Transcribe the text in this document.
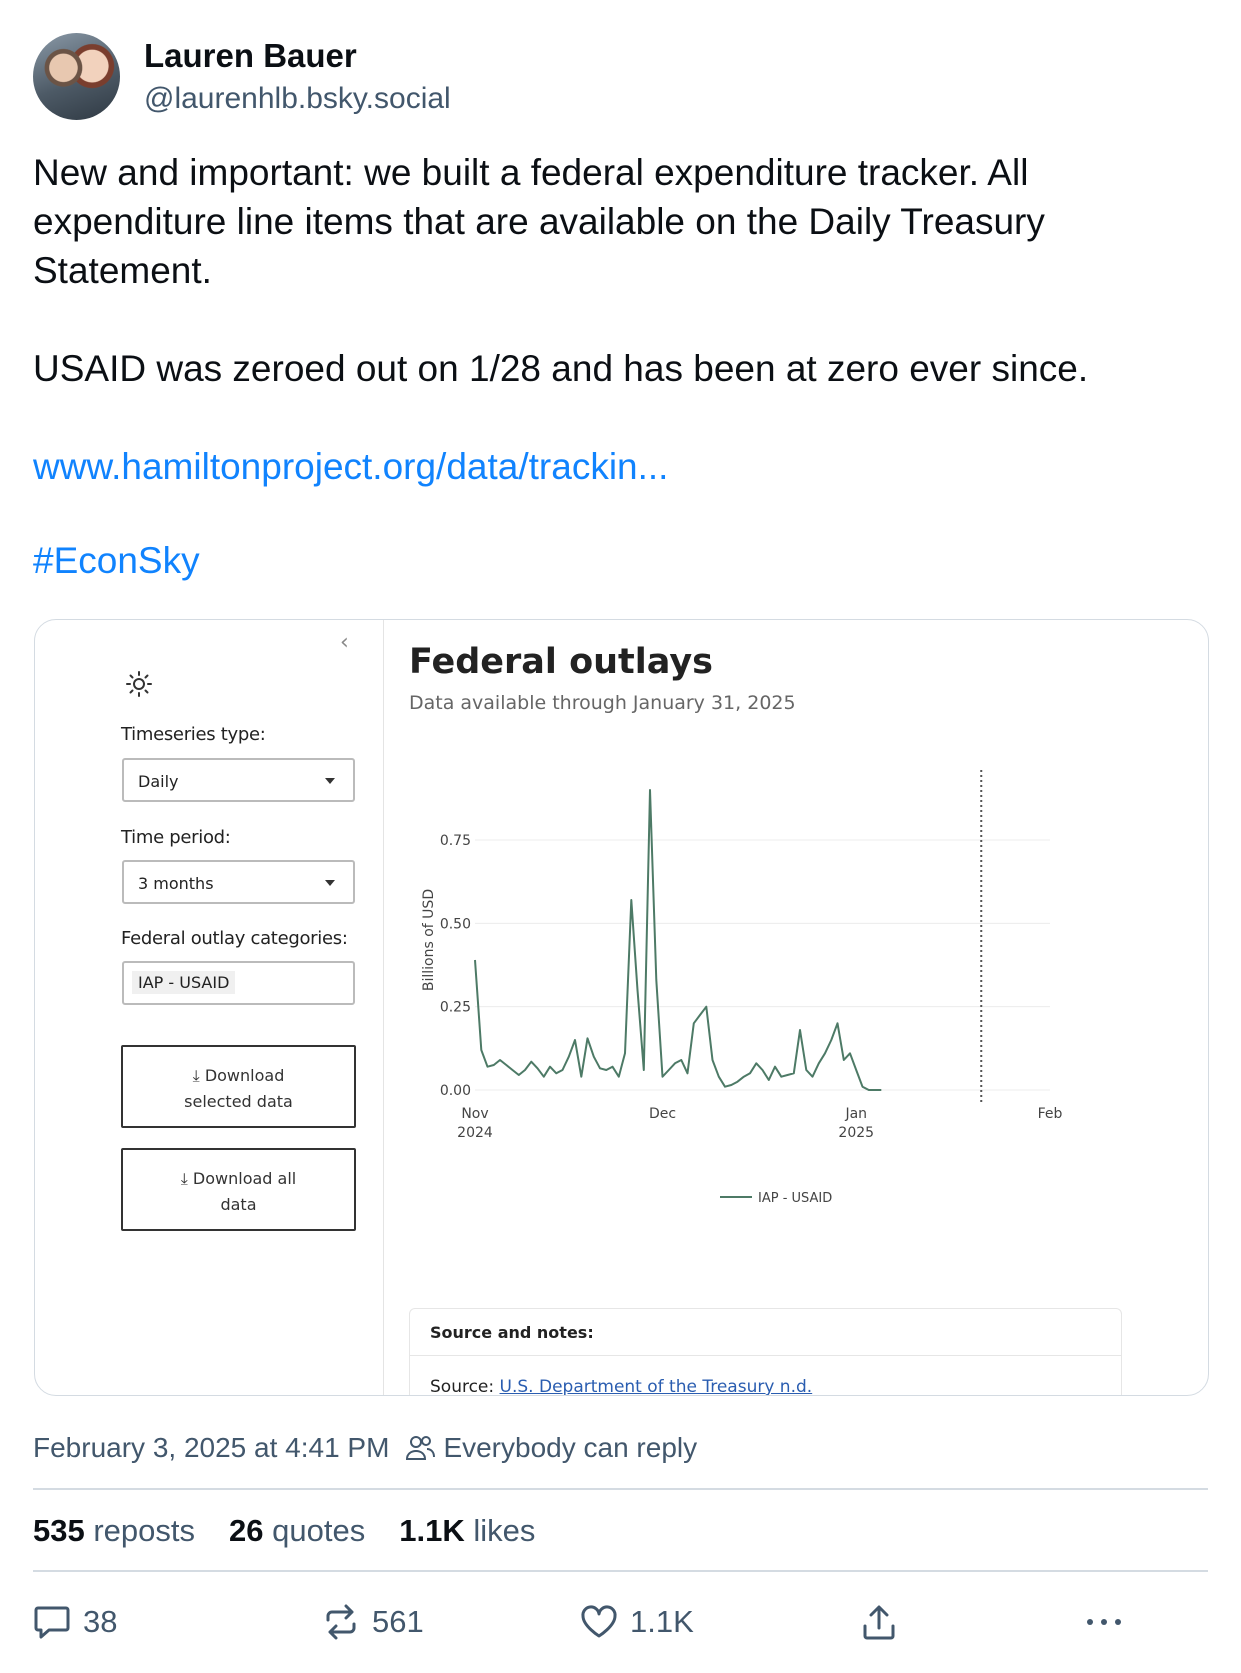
Lauren Bauer
@laurenhlb.bsky.social

New and important: we built a federal expenditure tracker. All expenditure line items that are available on the Daily Treasury Statement.

USAID was zeroed out on 1/28 and has been at zero ever since.

www.hamiltonproject.org/data/trackin...

#EconSky

‹
Timeseries type:
Daily
Time period:
3 months
Federal outlay categories:
IAP - USAID
⤓ Download
selected data
⤓ Download all
data
Federal outlays
Data available through January 31, 2025
0.00
0.25
0.50
0.75
Billions of USD
Nov
2024
Dec	Jan
2025
Feb
IAP - USAID
Source and notes:
Source: U.S. Department of the Treasury n.d.
February 3, 2025 at 4:41 PM Everybody can reply
535 reposts 26 quotes 1.1K likes
38	561	1.1K
